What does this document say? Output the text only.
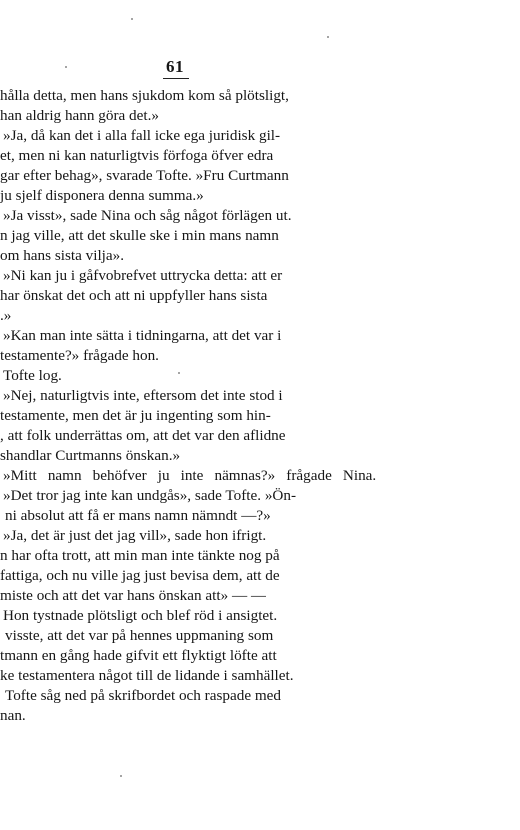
61
hålla detta, men hans sjukdom kom så plötsligt,
han aldrig hann göra det.»
»Ja, då kan det i alla fall icke ega juridisk gil-
et, men ni kan naturligtvis förfoga öfver edra
gar efter behag», svarade Tofte. »Fru Curtmann
ju sjelf disponera denna summa.»
»Ja visst», sade Nina och såg något förlägen ut.
n jag ville, att det skulle ske i min mans namn
om hans sista vilja».
»Ni kan ju i gåfvobrefvet uttrycka detta: att er
har önskat det och att ni uppfyller hans sista
.»
»Kan man inte sätta i tidningarna, att det var i
testamente?» frågade hon.
Tofte log.
»Nej, naturligtvis inte, eftersom det inte stod i
testamente, men det är ju ingenting som hin-
, att folk underrättas om, att det var den aflidne
shandlar Curtmanns önskan.»
»Mitt namn behöfver ju inte nämnas?» frågade Nina.
»Det tror jag inte kan undgås», sade Tofte. »Ön-
ni absolut att få er mans namn nämndt —?»
»Ja, det är just det jag vill», sade hon ifrigt.
n har ofta trott, att min man inte tänkte nog på
fattiga, och nu ville jag just bevisa dem, att de
miste och att det var hans önskan att» — —
Hon tystnade plötsligt och blef röd i ansigtet.
visste, att det var på hennes uppmaning som
tmann en gång hade gifvit ett flyktigt löfte att
ke testamentera något till de lidande i samhället.
Tofte såg ned på skrifbordet och raspade med
nan.
